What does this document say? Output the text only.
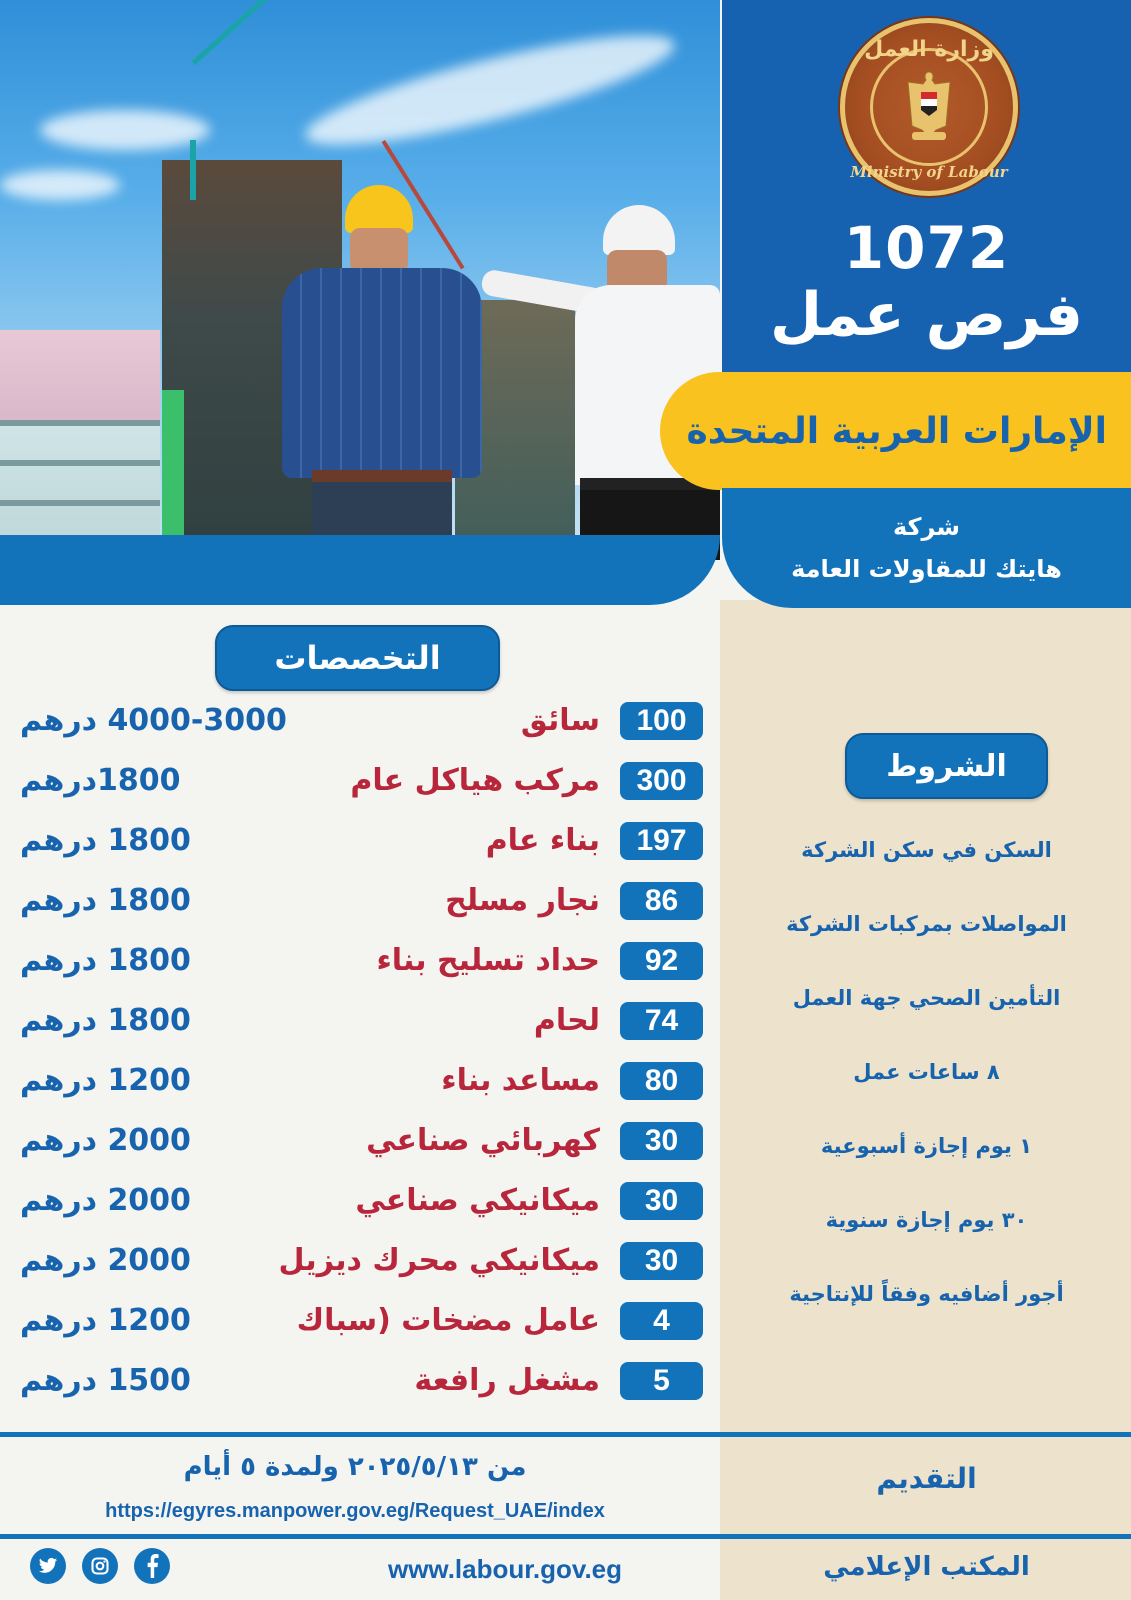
وزارة العمل
Ministry of Labour
1072
فرص عمل
الإمارات العربية المتحدة
شركة
هايتك للمقاولات العامة
التخصصات
100
سائق
4000-3000 درهم
300
مركب هياكل عام
1800درهم
197
بناء عام
1800 درهم
86
نجار مسلح
1800 درهم
92
حداد تسليح بناء
1800 درهم
74
لحام
1800 درهم
80
مساعد بناء
1200 درهم
30
كهربائي صناعي
2000 درهم
30
ميكانيكي صناعي
2000 درهم
30
ميكانيكي محرك ديزيل
2000 درهم
4
عامل مضخات (سباك
1200 درهم
5
مشغل رافعة
1500 درهم
الشروط
السكن في سكن الشركة
المواصلات بمركبات الشركة
التأمين الصحي جهة العمل
٨ ساعات عمل
١ يوم إجازة أسبوعية
٣٠ يوم إجازة سنوية
أجور أضافيه وفقاً للإنتاجية
من ٢٠٢٥/٥/١٣ ولمدة ٥ أيام
https://egyres.manpower.gov.eg/Request_UAE/index
التقديم
www.labour.gov.eg	المكتب الإعلامي
